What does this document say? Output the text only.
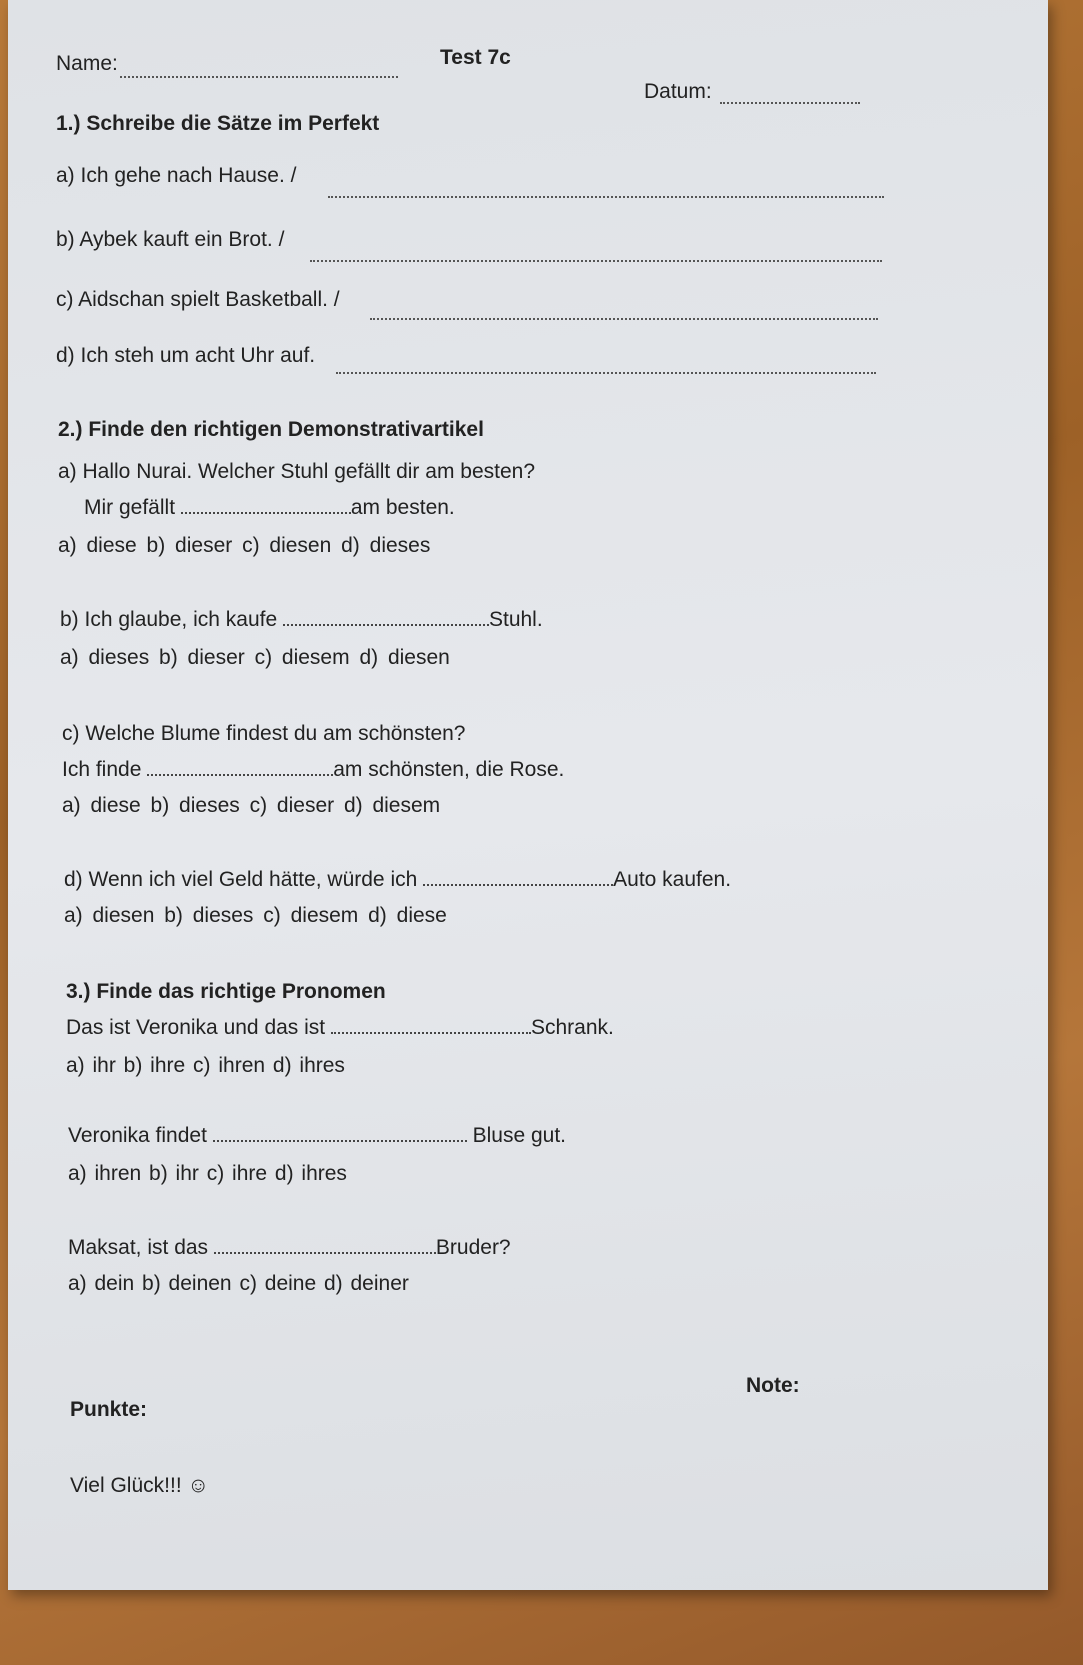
Name:	Test 7c
Datum:
1.) Schreibe die Sätze im Perfekt
a) Ich gehe nach Hause. /
b) Aybek kauft ein Brot. /
c) Aidschan spielt Basketball. /
d) Ich steh um acht Uhr auf.
2.) Finde den richtigen Demonstrativartikel
a) Hallo Nurai. Welcher Stuhl gefällt dir am besten?
Mir gefällt	am besten.
a) diese b) dieser c) diesen d) dieses
b) Ich glaube, ich kaufe	Stuhl.
a) dieses b) dieser c) diesem d) diesen
c) Welche Blume findest du am schönsten?
Ich finde	am schönsten, die Rose.
a) diese b) dieses c) dieser d) diesem
d) Wenn ich viel Geld hätte, würde ich	Auto kaufen.
a) diesen b) dieses c) diesem d) diese
3.) Finde das richtige Pronomen
Das ist Veronika und das ist	Schrank.
a) ihr b) ihre c) ihren d) ihres
Veronika findet	Bluse gut.
a) ihren b) ihr c) ihre d) ihres
Maksat, ist das	Bruder?
a) dein b) deinen c) deine d) deiner
Note:
Punkte:
Viel Glück!!! ☺
